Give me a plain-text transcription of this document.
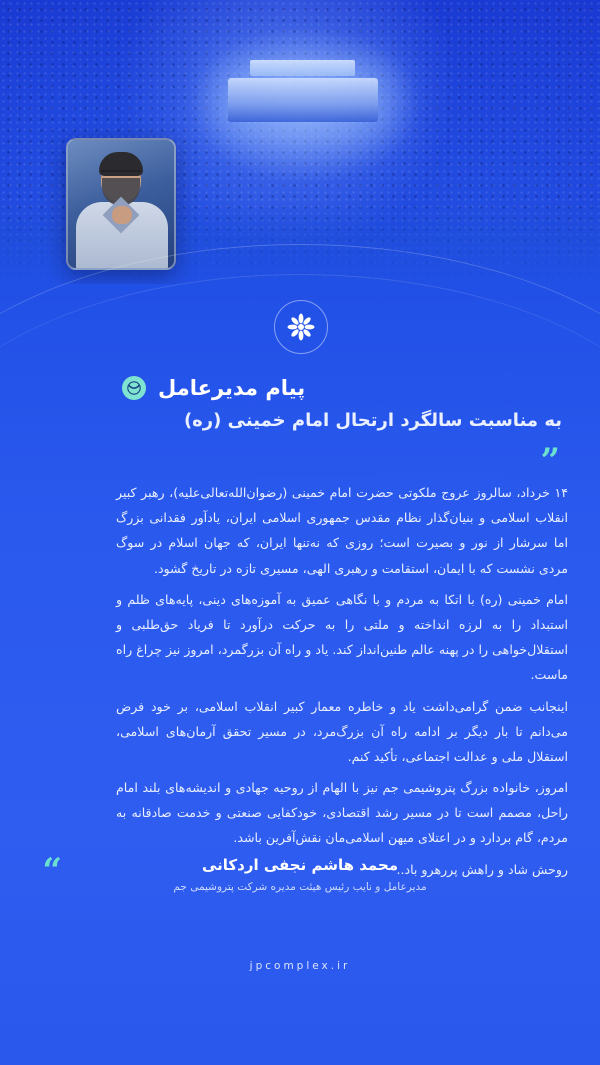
پیام مدیرعامل
به مناسبت سالگرد ارتحال امام خمینی (ره)
”

۱۴ خرداد، سالروز عروج ملکوتی حضرت امام خمینی (رضوان‌الله‌تعالی‌علیه)، رهبر کبیر انقلاب اسلامی و بنیان‌گذار نظام مقدس جمهوری اسلامی ایران، یادآور فقدانی بزرگ اما سرشار از نور و بصیرت است؛ روزی که نه‌تنها ایران، که جهان اسلام در سوگ مردی نشست که با ایمان، استقامت و رهبری الهی، مسیری تازه در تاریخ گشود.

امام خمینی (ره) با اتکا به مردم و با نگاهی عمیق به آموزه‌های دینی، پایه‌های ظلم و استبداد را به لرزه انداخته و ملتی را به حرکت درآورد تا فریاد حق‌طلبی و استقلال‌خواهی را در پهنه عالم طنین‌انداز کند. یاد و راه آن بزرگمرد، امروز نیز چراغ راه ماست.

اینجانب ضمن گرامی‌داشت یاد و خاطره معمار کبیر انقلاب اسلامی، بر خود فرض می‌دانم تا بار دیگر بر ادامه راه آن بزرگ‌مرد، در مسیر تحقق آرمان‌های اسلامی، استقلال ملی و عدالت اجتماعی، تأکید کنم.

امروز، خانواده بزرگ پتروشیمی جم نیز با الهام از روحیه جهادی و اندیشه‌های بلند امام راحل، مصمم است تا در مسیر رشد اقتصادی، خودکفایی صنعتی و خدمت صادقانه به مردم، گام بردارد و در اعتلای میهن اسلامی‌مان نقش‌آفرین باشد.

روحش شاد و راهش پررهرو باد..

”	محمد هاشم نجفی اردکانی
مدیرعامل و نایب رئیس هیئت مدیره شرکت پتروشیمی جم
jpcomplex.ir
